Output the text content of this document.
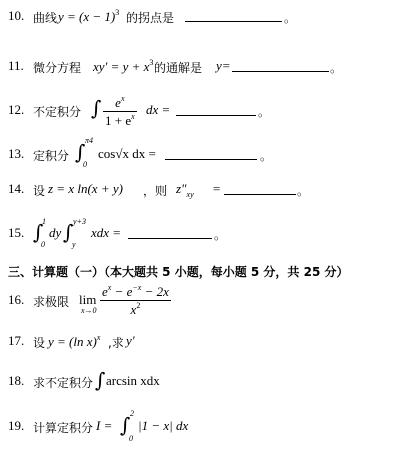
10. 曲线 $y = (x - 1)^3$ 的拐点是	。
11. 微分方程 $xy' = y + x^3$ 的通解是 y=	。
12. 不定积分 ∫ $\frac{e^x}{1 + e^x}$ dx =	。
13. 定积分 ∫ π4
0
cos√x dx =	。
14. 设 z = x ln(x + y) ，则 $z"_{xy}$ =	。
15. ∫
1
0
dy ∫ y+3
y
xdx =	。
三、计算题（一）（本大题共 5 小题，每小题 5 分，共 25 分）
16. 求极限 lim
$x\to 0 \frac{e^x - e^{-x} - 2x}{x^2}$
17. 设 y = (ln x)$^x$ ,求 y'
18. 求不定积分 ∫ arcsin xdx
19. 计算定积分 I = ∫ 2
0
|1 − x| dx
